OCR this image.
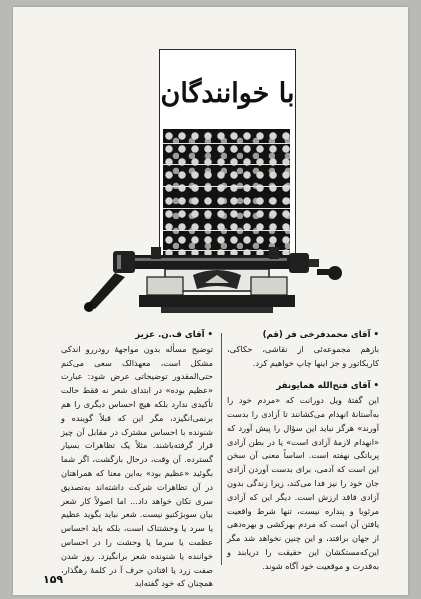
با خوانندگان
• آقای محمدفرخی فر (قم)

بازهم مجموعه‌ئی از نقاشی، حکاکی، کاریکاتور و جز اینها چاپ خواهیم کرد.

• آقای فتح‌الله همایونفر

این گفتهٔ ویل دورانت که «مردم خود را به‌آستانهٔ انهدام می‌کشانند تا آزادی را بدست آورند» هرگز نباید این سؤال را پیش آورد که «انهدام لازمهٔ آزادی است» یا در بطن آزادی پرباتگی نهفته است. اساساً معنی آن سخن این است که آدمی، برای بدست آوردن آزادی جان خود را نیز فدا می‌کند، زیرا زندگی بدون آزادی فاقد ارزش است. دیگر این که آزادی مرئوبا و پنداره نیست، تنها شرط واقعیت یافتن آن است که مردم بهرکشی و بهره‌دهی از جهان برافتد، و این چنین نخواهد شد مگر این‌که‌مستکشان این حقیقت را دریابند و به‌قدرت و موقعیت خود آگاه شوند.

• آقای ف.ن. عزیز

توضیح مسأله بدون مواجههٔ رودررو اندکی مشکل است، معهذالک سعی می‌کنم حتی‌المقدور توضیحاتی عرض شود: عبارت «عظیم بوده» در ابتدای شعر نه فقط حالت تأکیدی ندارد بلکه هیچ احساس دیگری را هم برنمی‌انگیزد، مگر این که قبلاً گوینده و شنونده با احساس مشترک در مقابل آن چیز قرار گرفته‌باشند. مثلاً یک تظاهرات بسیار گسترده. آن وقت، درحال بازگشت، اگر شما بگوئید «عظیم بود» به‌این معنا که همراهتان در آن تظاهرات شرکت داشته‌اند به‌تصدیق سری تکان خواهد داد... اما اصولاً کار شعر بیان سوبژکتیو نیست. شعر نباید بگوید عظیم یا سرد یا وحشتناک است، بلکه باید احساس عظمت یا سرما یا وحشت را در احساس خواننده یا شنونده شعر برانگیزد. روز شدن صفت زرد یا افتادن حرف آ در کلمهٔ رهگذار، همچنان که خود گفته‌اید

۱۵۹
